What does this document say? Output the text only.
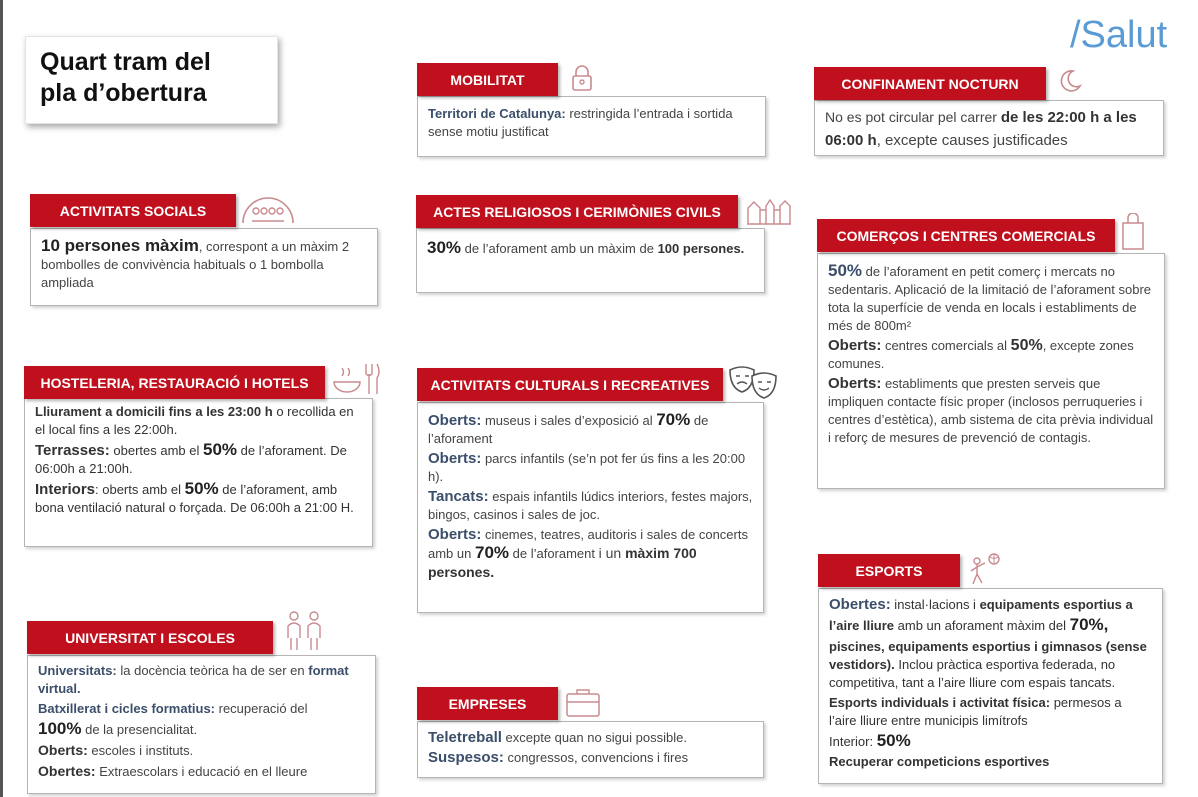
/Salut
Quart tram del
pla d’obertura
Territori de Catalunya: restringida l’entrada i sortida sense motiu justificat
MOBILITAT
No es pot circular pel carrer de les 22:00 h a les 06:00 h, excepte causes justificades
CONFINAMENT NOCTURN
10 persones màxim, correspont a un màxim 2 bombolles de convivència habituals o 1 bombolla ampliada
ACTIVITATS SOCIALS
30% de l’aforament amb un màxim de 100 persones.
ACTES RELIGIOSOS I CERIMÒNIES CIVILS

50% de l’aforament en petit comerç i mercats no sedentaris. Aplicació de la limitació de l’aforament sobre tota la superfície de venda en locals i establiments de més de 800m²

Oberts: centres comercials al 50%, excepte zones comunes.

Oberts: establiments que presten serveis que impliquen contacte físic proper (inclosos perruqueries i centres d’estètica), amb sistema de cita prèvia individual i reforç de mesures de prevenció de contagis.

COMERÇOS I CENTRES COMERCIALS

Lliurament a domicili fins a les 23:00 h o recollida en el local fins a les 22:00h.

Terrasses: obertes amb el 50% de l’aforament. De 06:00h a 21:00h.

Interiors: oberts amb el 50% de l’aforament, amb bona ventilació natural o forçada. De 06:00h a 21:00 H.

HOSTELERIA, RESTAURACIÓ I HOTELS

Oberts: museus i sales d’exposició al 70% de l’aforament

Oberts: parcs infantils (se’n pot fer ús fins a les 20:00 h).

Tancats: espais infantils lúdics interiors, festes majors, bingos, casinos i sales de joc.

Oberts: cinemes, teatres, auditoris i sales de concerts amb un 70% de l’aforament i un màxim 700 persones.

ACTIVITATS CULTURALS I RECREATIVES

Universitats: la docència teòrica ha de ser en format virtual.

Batxillerat i cicles formatius: recuperació del

100% de la presencialitat.

Oberts: escoles i instituts.

Obertes: Extraescolars i educació en el lleure

UNIVERSITAT I ESCOLES

Teletreball excepte quan no sigui possible.

Suspesos: congressos, convencions i fires

EMPRESES

Obertes: instal·lacions i equipaments esportius a l’aire lliure amb un aforament màxim del 70%,

piscines, equipaments esportius i gimnasos (sense vestidors). Inclou pràctica esportiva federada, no competitiva, tant a l’aire lliure com espais tancats.

Esports individuals i activitat física: permesos a l’aire lliure entre municipis limítrofs

Interior: 50%

Recuperar competicions esportives

ESPORTS
